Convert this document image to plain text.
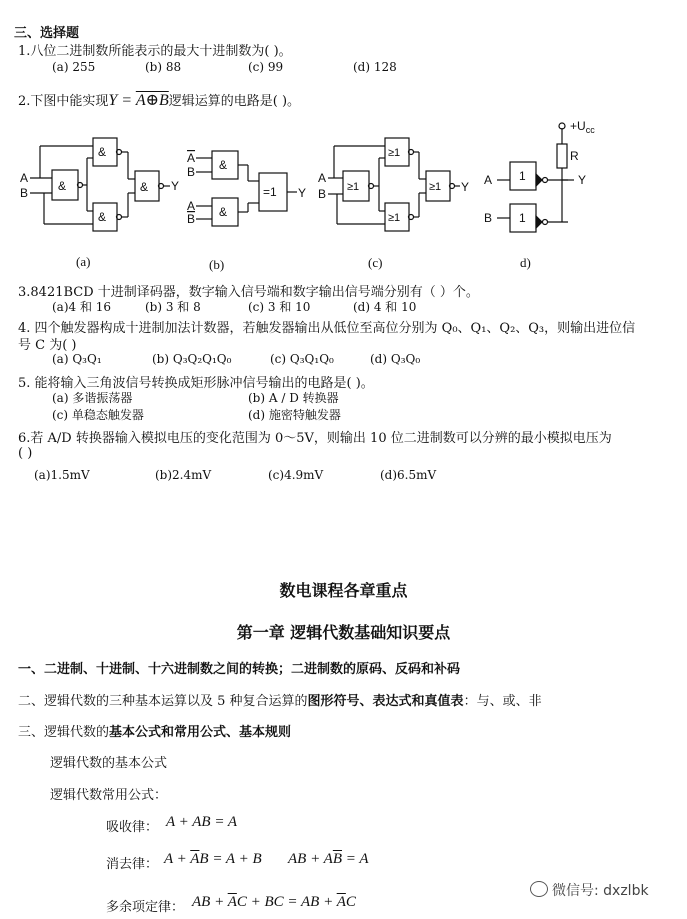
三、选择题
1.八位二进制数所能表示的最大十进制数为( )。
(a) 255	(b) 88	(c) 99	(d) 128
2.下图中能实现Y = A⊕B逻辑运算的电路是( )。
A
B &
&
&
& Y
A
B
A
B
&
&
=1 Y
A
B ≥1
≥1
≥1
≥1 Y A
B
1
1
R
$+U_{cc}$
Y
(a)	(b)	(c)	d)
3.8421BCD 十进制译码器，数字输入信号端和数字输出信号端分别有（ ）个。
(a)4 和 16	(b) 3 和 8	(c) 3 和 10	(d) 4 和 10
4. 四个触发器构成十进制加法计数器，若触发器输出从低位至高位分别为 Q₀、Q₁、Q₂、Q₃，则输出进位信
号 C 为( )
(a) Q₃Q₁	(b) Q₃Q₂Q₁Q₀	(c) Q₃Q₁Q₀	(d) Q₃Q₀
5. 能将输入三角波信号转换成矩形脉冲信号输出的电路是( )。
(a) 多谐振荡器	(b) A / D 转换器
(c) 单稳态触发器	(d) 施密特触发器
6.若 A/D 转换器输入模拟电压的变化范围为 0～5V，则输出 10 位二进制数可以分辨的最小模拟电压为
( )
(a)1.5mV	(b)2.4mV	(c)4.9mV	(d)6.5mV
数电课程各章重点
第一章 逻辑代数基础知识要点
一、二进制、十进制、十六进制数之间的转换；二进制数的原码、反码和补码
二、逻辑代数的三种基本运算以及 5 种复合运算的图形符号、表达式和真值表：与、或、非
三、逻辑代数的基本公式和常用公式、基本规则
逻辑代数的基本公式
逻辑代数常用公式：
吸收律： A + AB = A
消去律： $A + \overline{A}B = A + B$ AB + $A\overline{B} = A$
多余项定律： AB + $\overline{A}C$ + BC = AB + $\overline{A}C$
微信号: dxzlbk
